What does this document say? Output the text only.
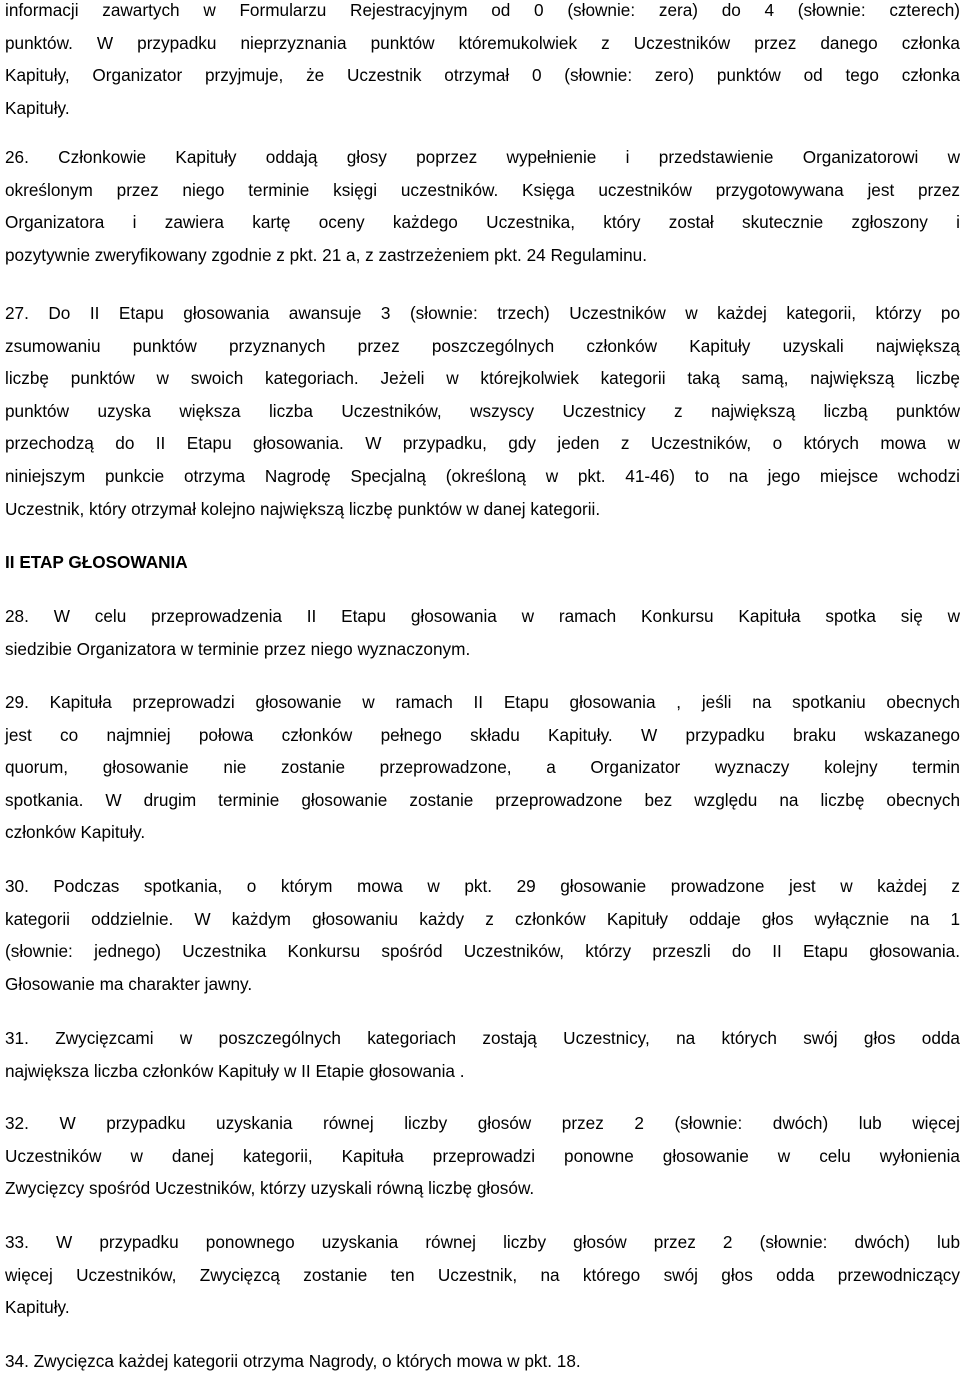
informacji zawartych w Formularzu Rejestracyjnym od 0 (słownie: zera) do 4 (słownie: czterech)
punktów. W przypadku nieprzyznania punktów któremukolwiek z Uczestników przez danego członka
Kapituły, Organizator przyjmuje, że Uczestnik otrzymał 0 (słownie: zero) punktów od tego członka
Kapituły.
26. Członkowie Kapituły oddają głosy poprzez wypełnienie i przedstawienie Organizatorowi w
określonym przez niego terminie księgi uczestników. Księga uczestników przygotowywana jest przez
Organizatora i zawiera kartę oceny każdego Uczestnika, który został skutecznie zgłoszony i
pozytywnie zweryfikowany zgodnie z pkt. 21 a, z zastrzeżeniem pkt. 24 Regulaminu.
27. Do II Etapu głosowania awansuje 3 (słownie: trzech) Uczestników w każdej kategorii, którzy po
zsumowaniu punktów przyznanych przez poszczególnych członków Kapituły uzyskali największą
liczbę punktów w swoich kategoriach. Jeżeli w którejkolwiek kategorii taką samą, największą liczbę
punktów uzyska większa liczba Uczestników, wszyscy Uczestnicy z największą liczbą punktów
przechodzą do II Etapu głosowania. W przypadku, gdy jeden z Uczestników, o których mowa w
niniejszym punkcie otrzyma Nagrodę Specjalną (określoną w pkt. 41-46) to na jego miejsce wchodzi
Uczestnik, który otrzymał kolejno największą liczbę punktów w danej kategorii.
II ETAP GŁOSOWANIA
28. W celu przeprowadzenia II Etapu głosowania w ramach Konkursu Kapituła spotka się w
siedzibie Organizatora w terminie przez niego wyznaczonym.
29. Kapituła przeprowadzi głosowanie w ramach II Etapu głosowania , jeśli na spotkaniu obecnych
jest co najmniej połowa członków pełnego składu Kapituły. W przypadku braku wskazanego
quorum, głosowanie nie zostanie przeprowadzone, a Organizator wyznaczy kolejny termin
spotkania. W drugim terminie głosowanie zostanie przeprowadzone bez względu na liczbę obecnych
członków Kapituły.
30. Podczas spotkania, o którym mowa w pkt. 29 głosowanie prowadzone jest w każdej z
kategorii oddzielnie. W każdym głosowaniu każdy z członków Kapituły oddaje głos wyłącznie na 1
(słownie: jednego) Uczestnika Konkursu spośród Uczestników, którzy przeszli do II Etapu głosowania.
Głosowanie ma charakter jawny.
31. Zwycięzcami w poszczególnych kategoriach zostają Uczestnicy, na których swój głos odda
największa liczba członków Kapituły w II Etapie głosowania .
32. W przypadku uzyskania równej liczby głosów przez 2 (słownie: dwóch) lub więcej
Uczestników w danej kategorii, Kapituła przeprowadzi ponowne głosowanie w celu wyłonienia
Zwycięzcy spośród Uczestników, którzy uzyskali równą liczbę głosów.
33. W przypadku ponownego uzyskania równej liczby głosów przez 2 (słownie: dwóch) lub
więcej Uczestników, Zwycięzcą zostanie ten Uczestnik, na którego swój głos odda przewodniczący
Kapituły.
34. Zwycięzca każdej kategorii otrzyma Nagrody, o których mowa w pkt. 18.
